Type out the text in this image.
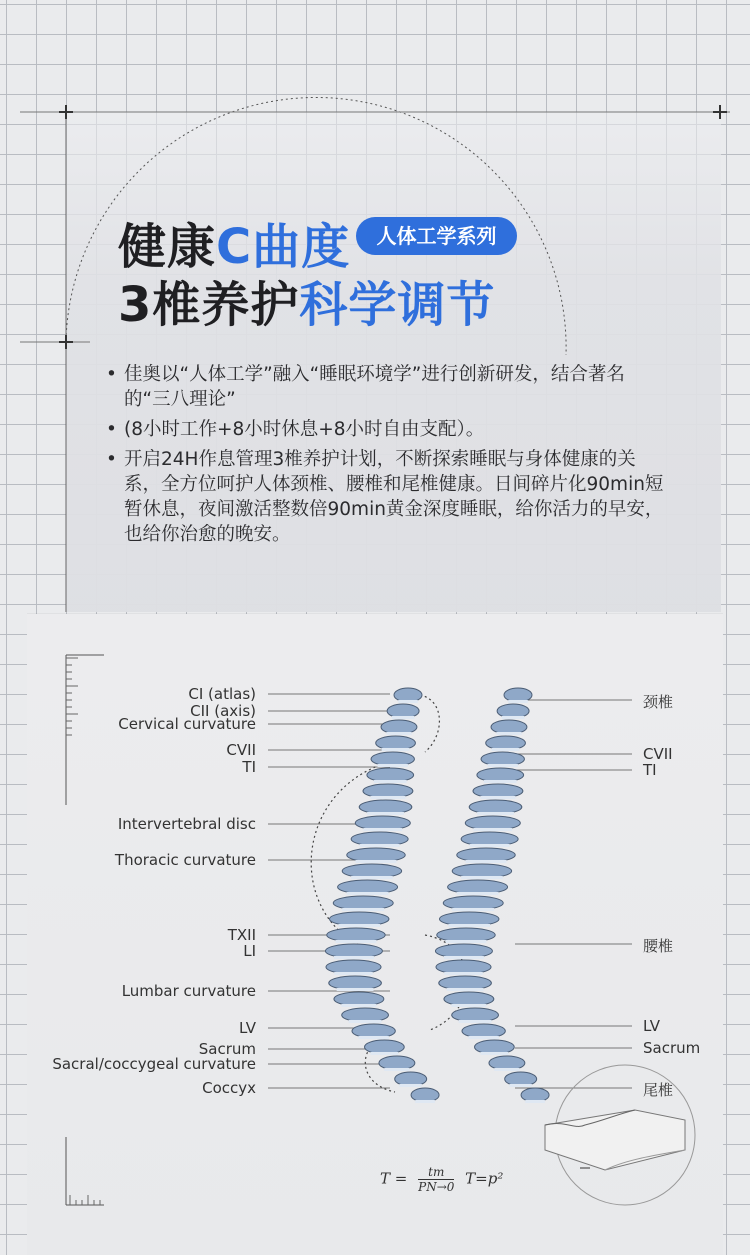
健康C曲度	人体工学系列
3椎养护科学调节
• 佳奥以“人体工学”融入“睡眠环境学”进行创新研发，结合著名的“三八理论”
• (8小时工作+8小时休息+8小时自由支配）。
• 开启24H作息管理3椎养护计划，不断探索睡眠与身体健康的关系，全方位呵护人体颈椎、腰椎和尾椎健康。日间碎片化90min短暂休息，夜间激活整数倍90min黄金深度睡眠，给你活力的早安，也给你治愈的晚安。
CI (atlas)
CII (axis)
Cervical curvature
CVII
TI
Intervertebral disc
Thoracic curvature
TXII
LI
Lumbar curvature
LV
Sacrum
Sacral/coccygeal curvature
Coccyx
颈椎
CVII
TI
腰椎
LV
Sacrum
尾椎
$T = \frac{tm}{PN\to 0} T=p^2$
